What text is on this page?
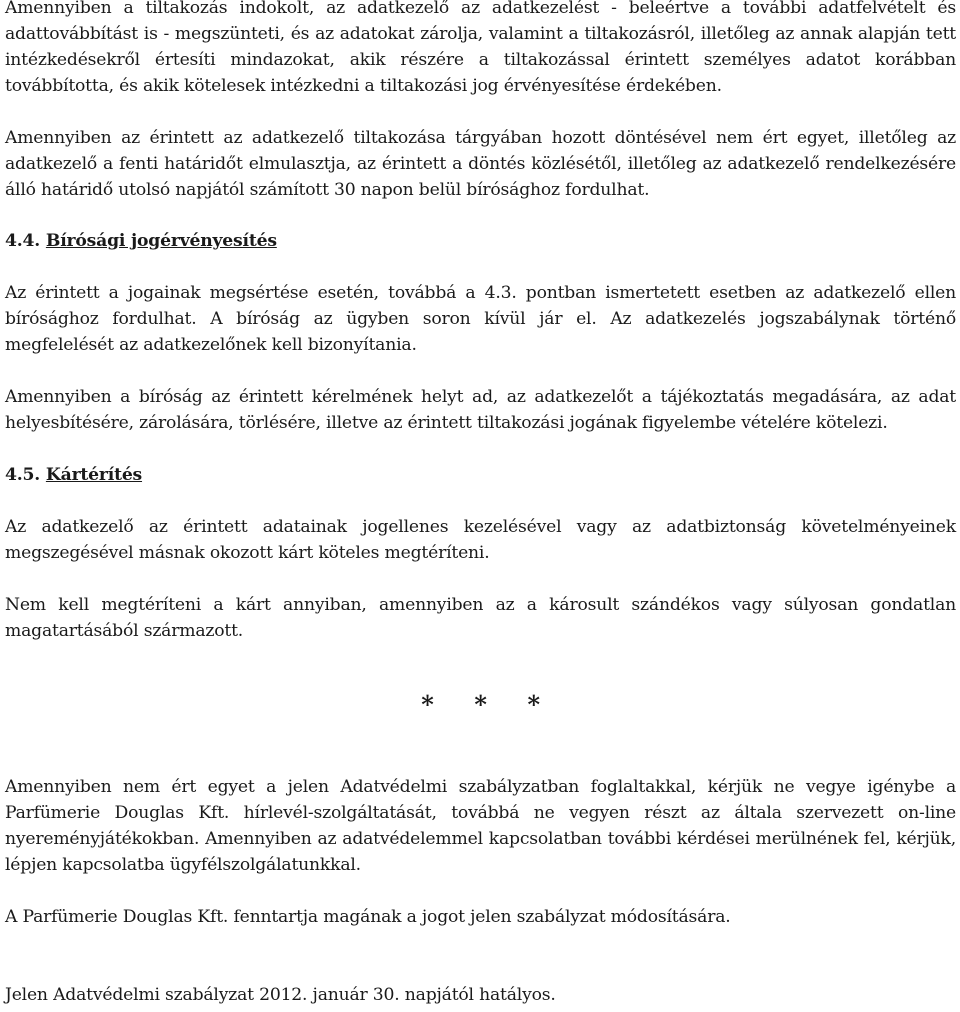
Amennyiben a tiltakozás indokolt, az adatkezelő az adatkezelést - beleértve a további adatfelvételt és adattovábbítást is - megszünteti, és az adatokat zárolja, valamint a tiltakozásról, illetőleg az annak alapján tett intézkedésekről értesíti mindazokat, akik részére a tiltakozással érintett személyes adatot korábban továbbította, és akik kötelesek intézkedni a tiltakozási jog érvényesítése érdekében.

Amennyiben az érintett az adatkezelő tiltakozása tárgyában hozott döntésével nem ért egyet, illetőleg az adatkezelő a fenti határidőt elmulasztja, az érintett a döntés közlésétől, illetőleg az adatkezelő rendelkezésére álló határidő utolsó napjától számított 30 napon belül bírósághoz fordulhat.

4.4. Bírósági jogérvényesítés

Az érintett a jogainak megsértése esetén, továbbá a 4.3. pontban ismertetett esetben az adatkezelő ellen bírósághoz fordulhat. A bíróság az ügyben soron kívül jár el. Az adatkezelés jogszabálynak történő megfelelését az adatkezelőnek kell bizonyítania.

Amennyiben a bíróság az érintett kérelmének helyt ad, az adatkezelőt a tájékoztatás megadására, az adat helyesbítésére, zárolására, törlésére, illetve az érintett tiltakozási jogának figyelembe vételére kötelezi.

4.5. Kártérítés

Az adatkezelő az érintett adatainak jogellenes kezelésével vagy az adatbiztonság követelményeinek megszegésével másnak okozott kárt köteles megtéríteni.

Nem kell megtéríteni a kárt annyiban, amennyiben az a károsult szándékos vagy súlyosan gondatlan magatartásából származott.

*     *     *

Amennyiben nem ért egyet a jelen Adatvédelmi szabályzatban foglaltakkal, kérjük ne vegye igénybe a Parfümerie Douglas Kft. hírlevél-szolgáltatását, továbbá ne vegyen részt az általa szervezett on-line nyereményjátékokban. Amennyiben az adatvédelemmel kapcsolatban további kérdései merülnének fel, kérjük, lépjen kapcsolatba ügyfélszolgálatunkkal.

A Parfümerie Douglas Kft. fenntartja magának a jogot jelen szabályzat módosítására.

Jelen Adatvédelmi szabályzat 2012. január 30. napjától hatályos.
